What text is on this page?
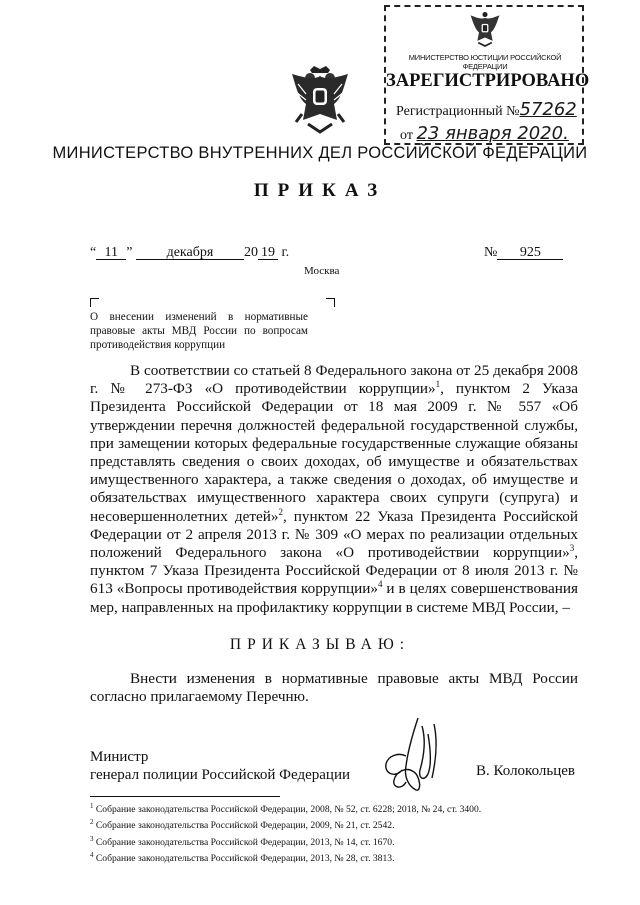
МИНИСТЕРСТВО ЮСТИЦИИ РОССИЙСКОЙ ФЕДЕРАЦИИ
ЗАРЕГИСТРИРОВАНО
Регистрационный №57262
от 23 января 2020.
МИНИСТЕРСТВО ВНУТРЕННИХ ДЕЛ РОССИЙСКОЙ ФЕДЕРАЦИИ
ПРИКАЗ
“ 11 ” декабря 20 19 г.	№ 925
Москва
О внесении изменений в нормативные правовые акты МВД России по вопросам противодействия коррупции
В соответствии со статьей 8 Федерального закона от 25 декабря 2008 г. № 273-ФЗ «О противодействии коррупции»$^1$, пунктом 2 Указа Президента Российской Федерации от 18 мая 2009 г. № 557 «Об утверждении перечня должностей федеральной государственной службы, при замещении которых федеральные государственные служащие обязаны представлять сведения о своих доходах, об имуществе и обязательствах имущественного характера, а также сведения о доходах, об имуществе и обязательствах имущественного характера своих супруги (супруга) и несовершеннолетних детей»$^2$, пунктом 22 Указа Президента Российской Федерации от 2 апреля 2013 г. № 309 «О мерах по реализации отдельных положений Федерального закона «О противодействии коррупции»$^3$, пунктом 7 Указа Президента Российской Федерации от 8 июля 2013 г. № 613 «Вопросы противодействия коррупции»$^4$ и в целях совершенствования мер, направленных на профилактику коррупции в системе МВД России, –
ПРИКАЗЫВАЮ:
Внести изменения в нормативные правовые акты МВД России согласно прилагаемому Перечню.
Министр
генерал полиции Российской Федерации	В. Колокольцев
$^1$ Собрание законодательства Российской Федерации, 2008, № 52, ст. 6228; 2018, № 24, ст. 3400.
$^2$ Собрание законодательства Российской Федерации, 2009, № 21, ст. 2542.
$^3$ Собрание законодательства Российской Федерации, 2013, № 14, ст. 1670.
$^4$ Собрание законодательства Российской Федерации, 2013, № 28, ст. 3813.
